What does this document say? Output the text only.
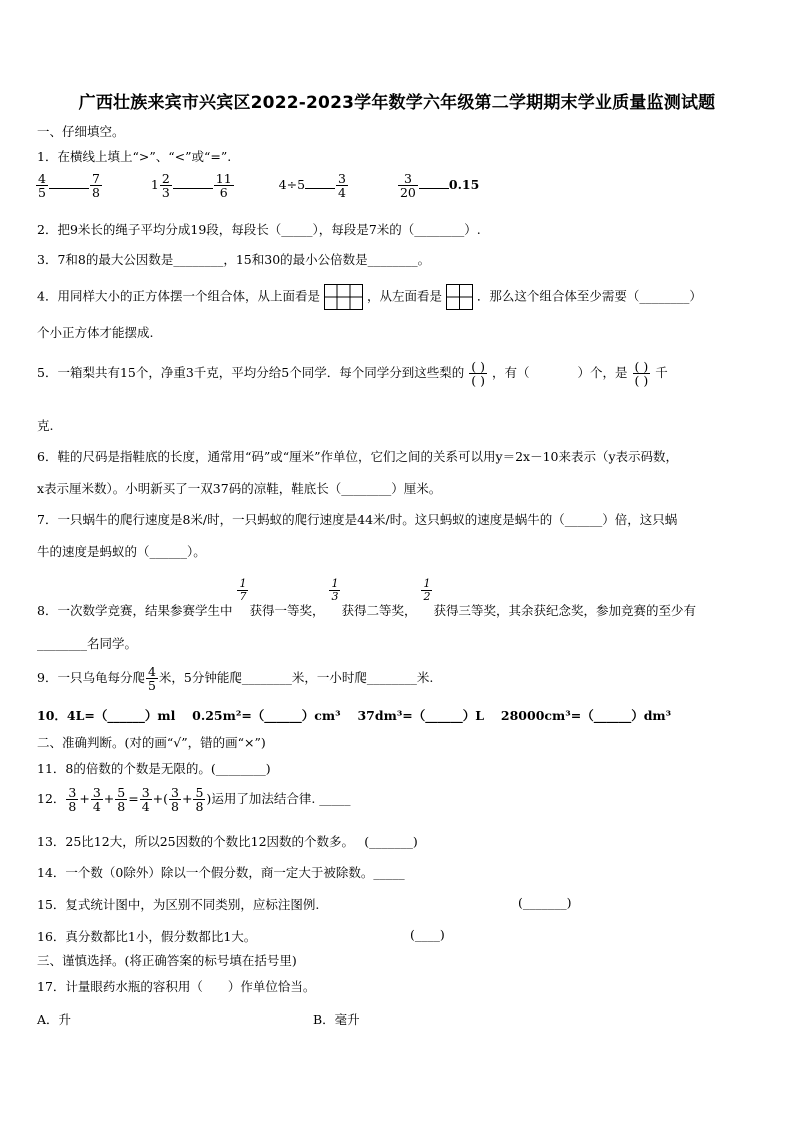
广西壮族来宾市兴宾区2022-2023学年数学六年级第二学期期末学业质量监测试题
一、仔细填空。
1．在横线上填上“>”、“<”或“=”.
$\frac{4}{5}$	$\frac{7}{8}$	$1 \frac{2}{3}$	$\frac{11}{6}$	$4\div 5 \frac{3}{4}$
	$\frac{3}{20} 0.15$
2．把9米长的绳子平均分成19段，每段长（_____），每段是7米的（________）.
3．7和8的最大公因数是________，15和30的最小公倍数是________。
4．用同样大小的正方体摆一个组合体，从上面看是	，从左面看是	．那么这个组合体至少需要（________）
个小正方体才能摆成.
5．一箱梨共有15个，净重3千克，平均分给5个同学．每个同学分到这些梨的 $\frac{( )}{( )}$ ，有（	）个，是 $\frac{( )}{( )}$ 千
克.
6．鞋的尺码是指鞋底的长度，通常用“码”或“厘米”作单位，它们之间的关系可以用y＝2x－10来表示（y表示码数，
x表示厘米数）。小明新买了一双37码的凉鞋，鞋底长（________）厘米。
7．一只蜗牛的爬行速度是8米/时，一只蚂蚁的爬行速度是44米/时。这只蚂蚁的速度是蜗牛的（______）倍，这只蜗
牛的速度是蚂蚁的（______）。
8．一次数学竞赛，结果参赛学生中
$\frac{1}{7}$
获得一等奖，
$\frac{1}{3}$
获得二等奖，
$\frac{1}{2}$
获得三等奖，其余获纪念奖，参加竞赛的至少有
________名同学。
9．一只乌龟每分爬 $\frac{4}{5}$ 米，5分钟能爬________米，一小时爬________米.
10．4L=（______）ml　 0.25m²=（______）cm³　 37dm³=（______）L　 28000cm³=（______）dm³
二、准确判断。(对的画“√”，错的画“×”)
11．8的倍数的个数是无限的。(________)
12． $\frac{3}{8} + \frac{3}{4} + \frac{5}{8} = \frac{3}{4}$ +( $\frac{3}{8} + \frac{5}{8}$ )运用了加法结合律. _____
13．25比12大，所以25因数的个数比12因数的个数多。　 (_______)
14．一个数（0除外）除以一个假分数，商一定大于被除数。_____
15．复式统计图中，为区别不同类别，应标注图例.	(_______)
16．真分数都比1小，假分数都比1大。	(____)
三、谨慎选择。(将正确答案的标号填在括号里)
17．计量眼药水瓶的容积用（　　）作单位恰当。
A．升	B．毫升
